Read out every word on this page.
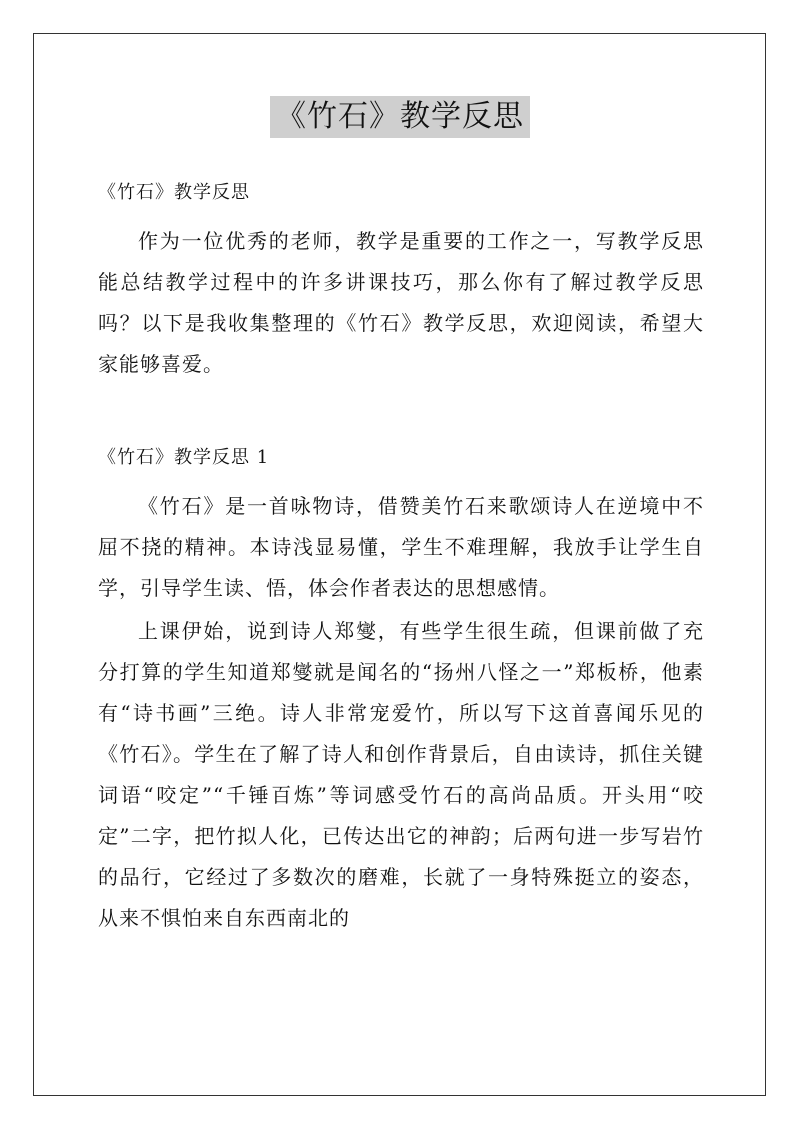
《竹石》教学反思

《竹石》教学反思

作为一位优秀的老师，教学是重要的工作之一，写教学反思能总结教学过程中的许多讲课技巧，那么你有了解过教学反思吗？以下是我收集整理的《竹石》教学反思，欢迎阅读，希望大家能够喜爱。

《竹石》教学反思 1

《竹石》是一首咏物诗，借赞美竹石来歌颂诗人在逆境中不屈不挠的精神。本诗浅显易懂，学生不难理解，我放手让学生自学，引导学生读、悟，体会作者表达的思想感情。

上课伊始，说到诗人郑燮，有些学生很生疏，但课前做了充分打算的学生知道郑燮就是闻名的“扬州八怪之一”郑板桥，他素有“诗书画”三绝。诗人非常宠爱竹，所以写下这首喜闻乐见的《竹石》。学生在了解了诗人和创作背景后，自由读诗，抓住关键词语“咬定”“千锤百炼”等词感受竹石的高尚品质。开头用“咬定”二字，把竹拟人化，已传达出它的神韵；后两句进一步写岩竹的品行，它经过了多数次的磨难，长就了一身特殊挺立的姿态，从来不惧怕来自东西南北的
